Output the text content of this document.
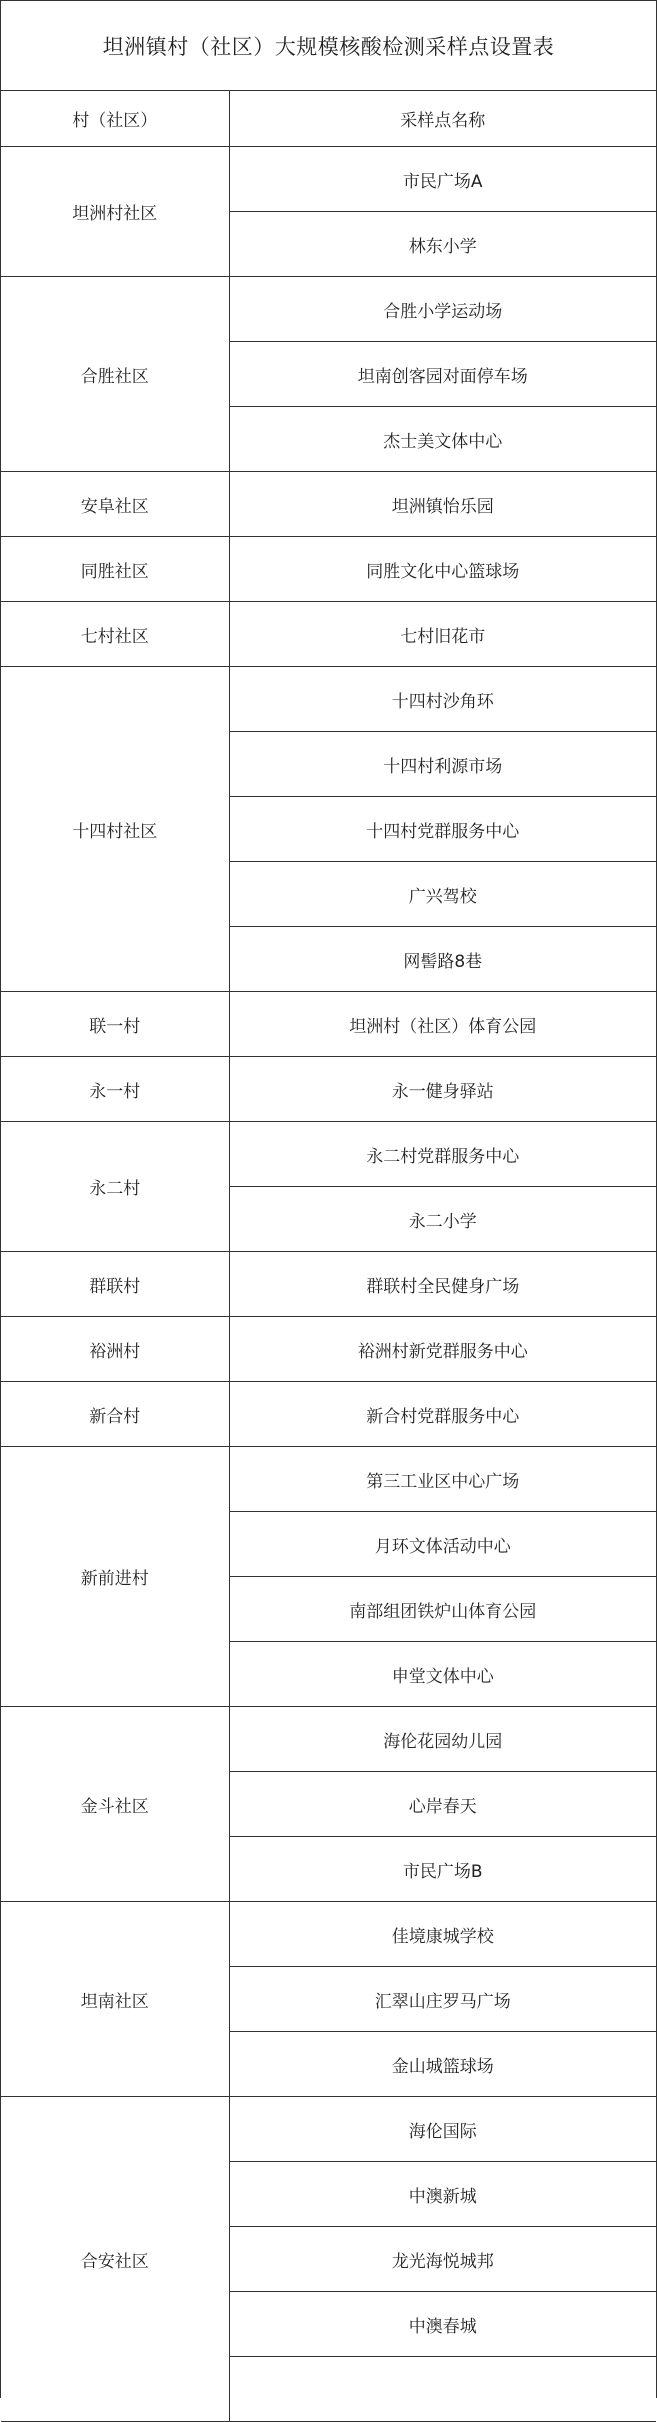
坦洲镇村（社区）大规模核酸检测采样点设置表
村（社区）	采样点名称
坦洲村社区	市民广场A
	林东小学
合胜社区	合胜小学运动场
	坦南创客园对面停车场
	杰士美文体中心
安阜社区	坦洲镇怡乐园
同胜社区	同胜文化中心篮球场
七村社区	七村旧花市
十四村社区	十四村沙角环
	十四村利源市场
	十四村党群服务中心
	广兴驾校
	网髻路8巷
联一村	坦洲村（社区）体育公园
永一村	永一健身驿站
永二村	永二村党群服务中心
	永二小学
群联村	群联村全民健身广场
裕洲村	裕洲村新党群服务中心
新合村	新合村党群服务中心
新前进村	第三工业区中心广场
	月环文体活动中心
	南部组团铁炉山体育公园
	申堂文体中心
金斗社区	海伦花园幼儿园
	心岸春天
	市民广场B
坦南社区	佳境康城学校
	汇翠山庄罗马广场
	金山城篮球场
合安社区	海伦国际
	中澳新城
	龙光海悦城邦
	中澳春城
